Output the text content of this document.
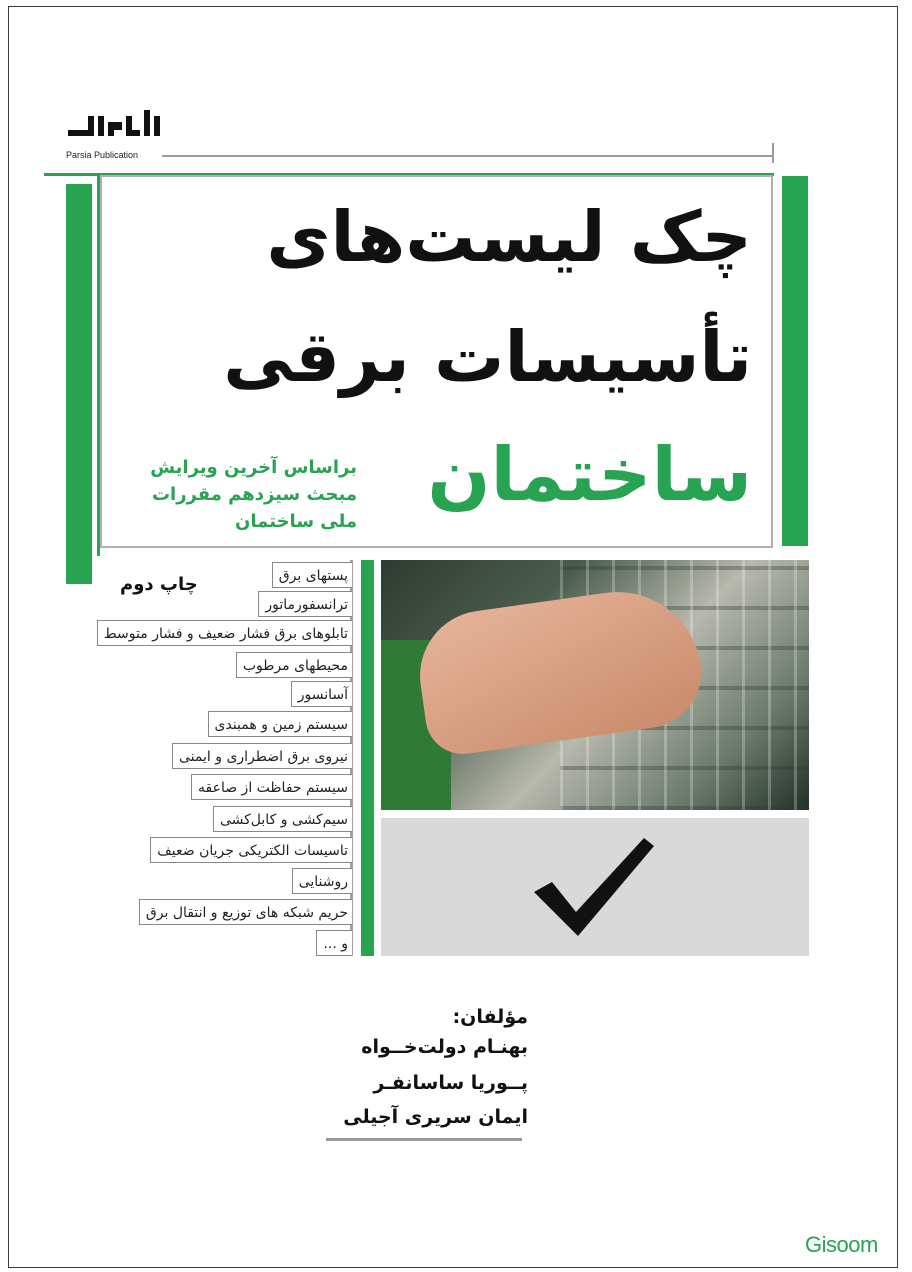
Parsia Publication
چک لیست‌های
تأسیسات برقی
ساختمان
براساس آخرین ویرایش
مبحث سیزدهم مقررات
ملی ساختمان
چاپ دوم	پستهای برق
ترانسفورماتور
تابلوهای برق فشار ضعیف و فشار متوسط
محیطهای مرطوب
آسانسور
سیستم زمین و همبندی
نیروی برق اضطراری و ایمنی
سیستم حفاظت از صاعقه
سیم‌کشی و کابل‌کشی
تاسیسات الکتریکی جریان ضعیف
روشنایی
حریم شبکه های توزیع و انتقال برق
و ...
مؤلفان:
بهنـام دولت‌خــواه
پــوریا ساسانفـر
ایمان سریری آجیلی
Gisoom
